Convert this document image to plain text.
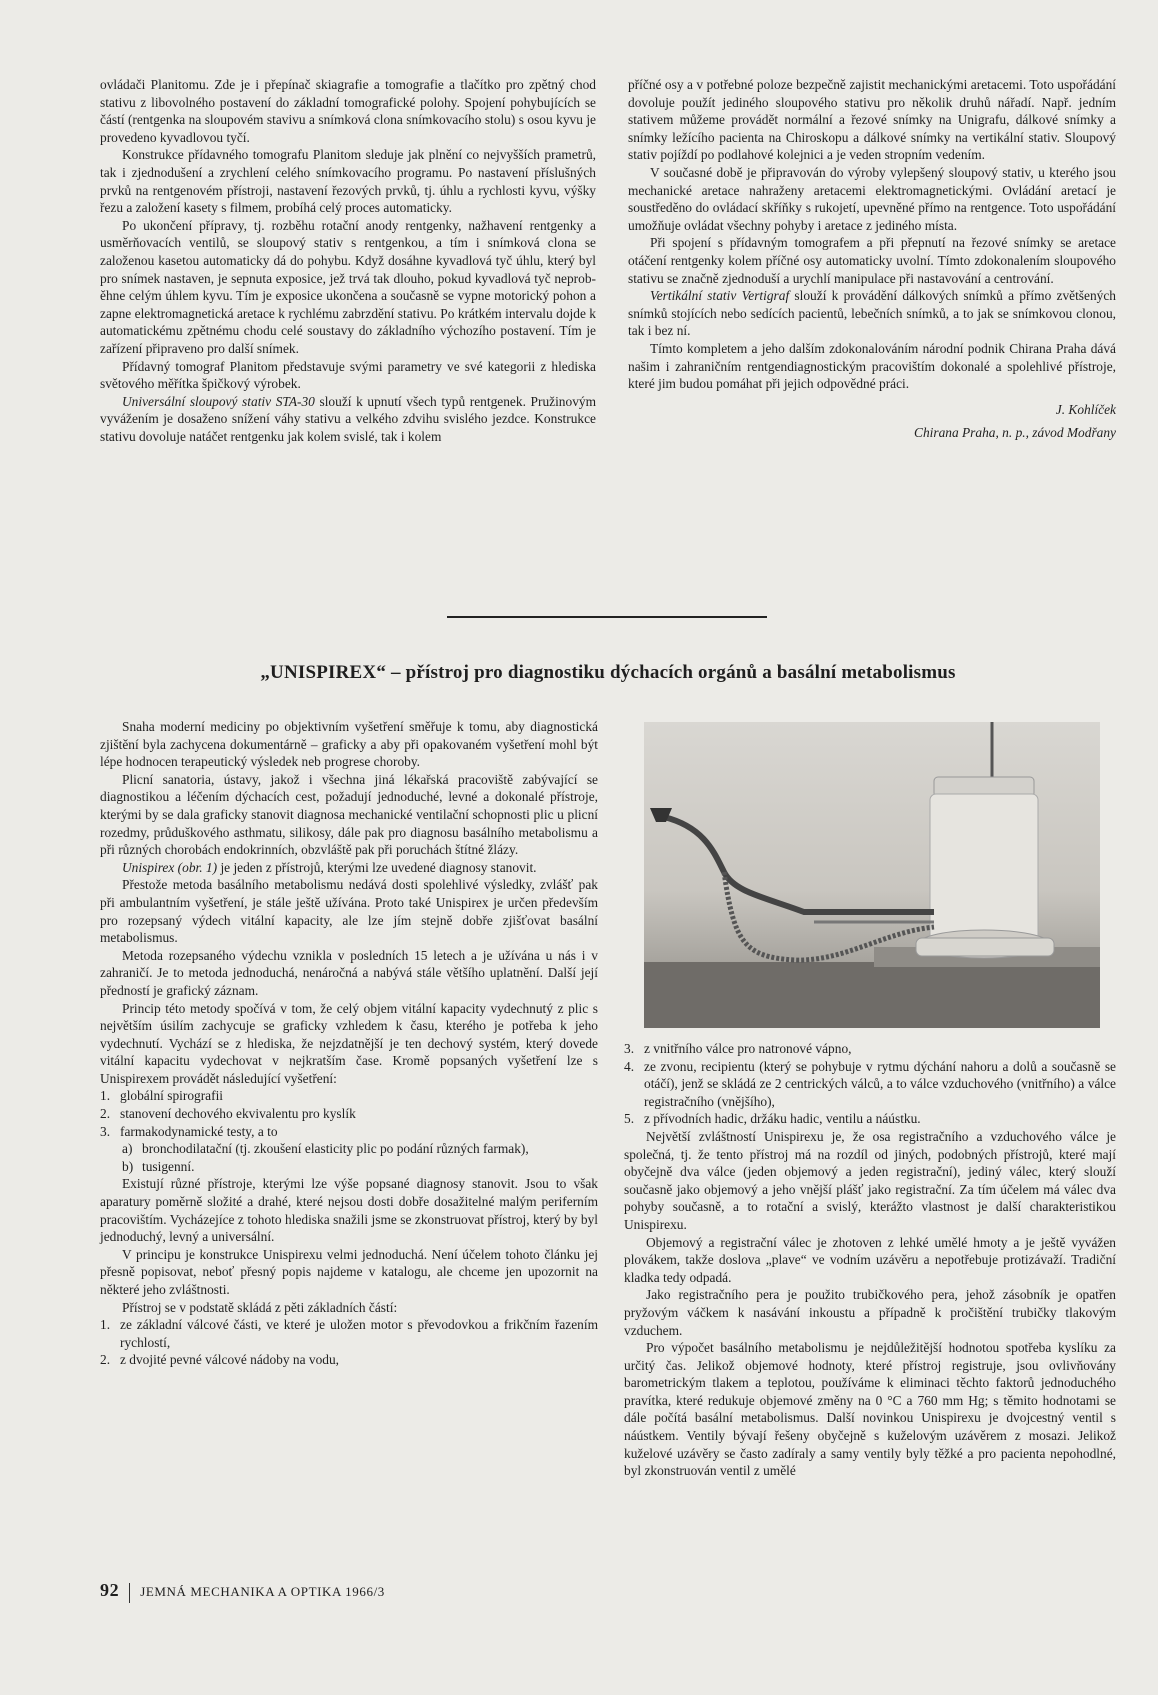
ovládači Planitomu. Zde je i přepínač skiagrafie a tomografie a tlačítko pro zpětný chod stativu z libovolného postavení do základní tomografické polohy. Spojení pohybujících se částí (rentgenka na sloupovém stavivu a snímková clona snímkovacího stolu) s osou kyvu je provedeno kyvadlovou tyčí.

Konstrukce přídavného tomografu Planitom sleduje jak plnění co nejvyšších prametrů, tak i zjednodušení a zrychlení celého snímkovacího programu. Po nastavení příslušných prvků na rentgenovém přístroji, nastavení řezových prvků, tj. úhlu a rychlosti kyvu, výšky řezu a založení kasety s filmem, probíhá celý proces automaticky.

Po ukončení přípravy, tj. rozběhu rotační anody rentgenky, nažhavení rentgenky a usměrňovacích ventilů, se sloupový stativ s rentgenkou, a tím i snímková clona se založenou kasetou automaticky dá do pohybu. Když dosáhne kyvadlová tyč úhlu, který byl pro snímek nastaven, je sepnuta exposice, jež trvá tak dlouho, pokud kyvadlová tyč neproběhne celým úhlem kyvu. Tím je exposice ukončena a současně se vypne motorický pohon a zapne elektromagnetická aretace k rychlému zabrzdění stativu. Po krátkém intervalu dojde k automatickému zpětnému chodu celé soustavy do základního výchozího postavení. Tím je zařízení připraveno pro další snímek.

Přídavný tomograf Planitom představuje svými parametry ve své kategorii z hlediska světového měřítka špičkový výrobek.

Universální sloupový stativ STA-30 slouží k upnutí všech typů rentgenek. Pružinovým vyvážením je dosaženo snížení váhy stativu a velkého zdvihu svislého jezdce. Konstrukce stativu dovoluje natáčet rentgenku jak kolem svislé, tak i kolem

příčné osy a v potřebné poloze bezpečně zajistit mechanickými aretacemi. Toto uspořádání dovoluje použít jediného sloupového stativu pro několik druhů nářadí. Např. jedním stativem můžeme provádět normální a řezové snímky na Unigrafu, dálkové snímky a snímky ležícího pacienta na Chiroskopu a dálkové snímky na vertikální stativ. Sloupový stativ pojíždí po podlahové kolejnici a je veden stropním vedením.

V současné době je připravován do výroby vylepšený sloupový stativ, u kterého jsou mechanické aretace nahraženy aretacemi elektromagnetickými. Ovládání aretací je soustředěno do ovládací skříňky s rukojetí, upevněné přímo na rentgence. Toto uspořádání umožňuje ovládat všechny pohyby i aretace z jediného místa.

Při spojení s přídavným tomografem a při přepnutí na řezové snímky se aretace otáčení rentgenky kolem příčné osy automaticky uvolní. Tímto zdokonalením sloupového stativu se značně zjednoduší a urychlí manipulace při nastavování a centrování.

Vertikální stativ Vertigraf slouží k provádění dálkových snímků a přímo zvětšených snímků stojících nebo sedících pacientů, lebečních snímků, a to jak se snímkovou clonou, tak i bez ní.

Tímto kompletem a jeho dalším zdokonalováním národní podnik Chirana Praha dává našim i zahraničním rentgendiagnostickým pracovištím dokonalé a spolehlivé přístroje, které jim budou pomáhat při jejich odpovědné práci.

J. Kohlíček

Chirana Praha, n. p., závod Modřany

„UNISPIREX“ – přístroj pro diagnostiku dýchacích orgánů a basální metabolismus

Snaha moderní mediciny po objektivním vyšetření směřuje k tomu, aby diagnostická zjištění byla zachycena dokumentárně – graficky a aby při opakovaném vyšetření mohl být lépe hodnocen terapeutický výsledek neb progrese choroby.

Plicní sanatoria, ústavy, jakož i všechna jiná lékařská pracoviště zabývající se diagnostikou a léčením dýchacích cest, požadují jednoduché, levné a dokonalé přístroje, kterými by se dala graficky stanovit diagnosa mechanické ventilační schopnosti plic u plicní rozedmy, průduškového asthmatu, silikosy, dále pak pro diagnosu basálního metabolismu a při různých chorobách endokrinních, obzvláště pak při poruchách štítné žlázy.

Unispirex (obr. 1) je jeden z přístrojů, kterými lze uvedené diagnosy stanovit.

Přestože metoda basálního metabolismu nedává dosti spolehlivé výsledky, zvlášť pak při ambulantním vyšetření, je stále ještě užívána. Proto také Unispirex je určen především pro rozepsaný výdech vitální kapacity, ale lze jím stejně dobře zjišťovat basální metabolismus.

Metoda rozepsaného výdechu vznikla v posledních 15 letech a je užívána u nás i v zahraničí. Je to metoda jednoduchá, nenáročná a nabývá stále většího uplatnění. Další její předností je grafický záznam.

Princip této metody spočívá v tom, že celý objem vitální kapacity vydechnutý z plic s největším úsilím zachycuje se graficky vzhledem k času, kterého je potřeba k jeho vydechnutí. Vychází se z hlediska, že nejzdatnější je ten dechový systém, který dovede vitální kapacitu vydechovat v nejkratším čase. Kromě popsaných vyšetření lze s Unispirexem provádět následující vyšetření:

1. globální spirografii
2. stanovení dechového ekvivalentu pro kyslík
3. farmakodynamické testy, a to
a) bronchodilatační (tj. zkoušení elasticity plic po podání různých farmak),
b) tusigenní.

Existují různé přístroje, kterými lze výše popsané diagnosy stanovit. Jsou to však aparatury poměrně složité a drahé, které nejsou dosti dobře dosažitelné malým periferním pracovištím. Vycházejíce z tohoto hlediska snažili jsme se zkonstruovat přístroj, který by byl jednoduchý, levný a universální.

V principu je konstrukce Unispirexu velmi jednoduchá. Není účelem tohoto článku jej přesně popisovat, neboť přesný popis najdeme v katalogu, ale chceme jen upozornit na některé jeho zvláštnosti.

Přístroj se v podstatě skládá z pěti základních částí:

1. ze základní válcové části, ve které je uložen motor s převodovkou a frikčním řazením rychlostí,
2. z dvojité pevné válcové nádoby na vodu,
3. z vnitřního válce pro natronové vápno,
4. ze zvonu, recipientu (který se pohybuje v rytmu dýchání nahoru a dolů a současně se otáčí), jenž se skládá ze 2 centrických válců, a to válce vzduchového (vnitřního) a válce registračního (vnějšího),
5. z přívodních hadic, držáku hadic, ventilu a náústku.

Největší zvláštností Unispirexu je, že osa registračního a vzduchového válce je společná, tj. že tento přístroj má na rozdíl od jiných, podobných přístrojů, které mají obyčejně dva válce (jeden objemový a jeden registrační), jediný válec, který slouží současně jako objemový a jeho vnější plášť jako registrační. Za tím účelem má válec dva pohyby současně, a to rotační a svislý, kterážto vlastnost je další charakteristikou Unispirexu.

Objemový a registrační válec je zhotoven z lehké umělé hmoty a je ještě vyvážen plovákem, takže doslova „plave“ ve vodním uzávěru a nepotřebuje protizávaží. Tradiční kladka tedy odpadá.

Jako registračního pera je použito trubičkového pera, jehož zásobník je opatřen pryžovým váčkem k nasávání inkoustu a případně k pročištění trubičky tlakovým vzduchem.

Pro výpočet basálního metabolismu je nejdůležitější hodnotou spotřeba kyslíku za určitý čas. Jelikož objemové hodnoty, které přístroj registruje, jsou ovlivňovány barometrickým tlakem a teplotou, používáme k eliminaci těchto faktorů jednoduchého pravítka, které redukuje objemové změny na 0 °C a 760 mm Hg; s těmito hodnotami se dále počítá basální metabolismus. Další novinkou Unispirexu je dvojcestný ventil s náústkem. Ventily bývají řešeny obyčejně s kuželovým uzávěrem z mosazi. Jelikož kuželové uzávěry se často zadíraly a samy ventily byly těžké a pro pacienta nepohodlné, byl zkonstruován ventil z umělé

92 JEMNÁ MECHANIKA A OPTIKA 1966/3
